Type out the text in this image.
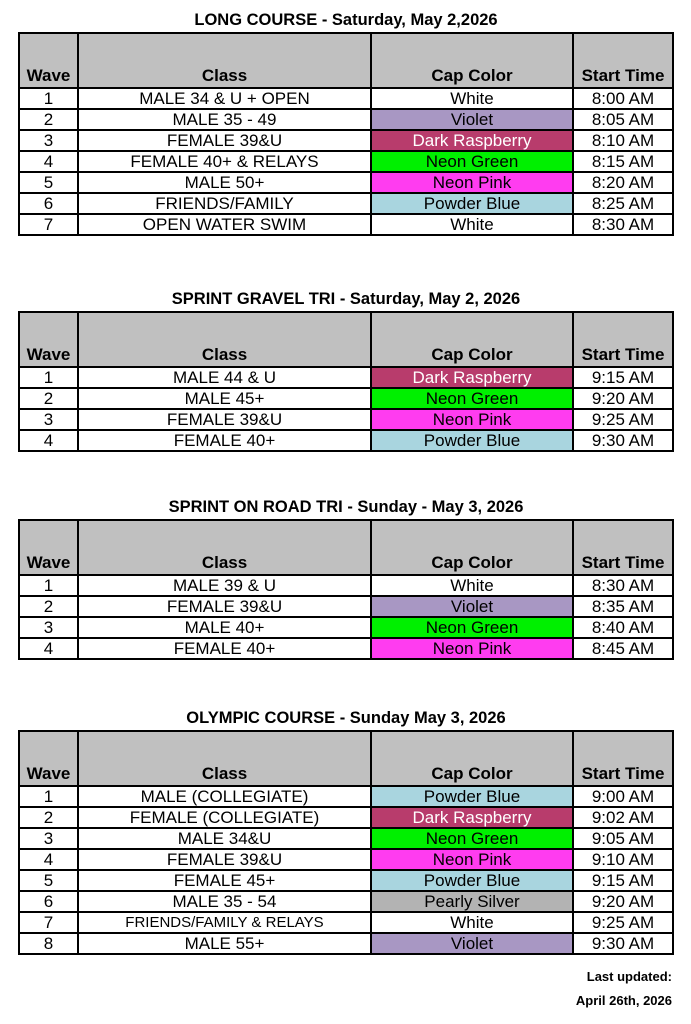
LONG COURSE - Saturday, May 2,2026
Wave	Class	Cap Color	Start Time
1	MALE 34 & U + OPEN	White	8:00 AM
2	MALE 35 - 49	Violet	8:05 AM
3	FEMALE 39&U	Dark Raspberry	8:10 AM
4	FEMALE 40+ & RELAYS	Neon Green	8:15 AM
5	MALE 50+	Neon Pink	8:20 AM
6	FRIENDS/FAMILY	Powder Blue	8:25 AM
7	OPEN WATER SWIM	White	8:30 AM
SPRINT GRAVEL TRI - Saturday, May 2, 2026
Wave	Class	Cap Color	Start Time
1	MALE 44 & U	Dark Raspberry	9:15 AM
2	MALE 45+	Neon Green	9:20 AM
3	FEMALE 39&U	Neon Pink	9:25 AM
4	FEMALE 40+	Powder Blue	9:30 AM
SPRINT ON ROAD TRI - Sunday - May 3, 2026
Wave	Class	Cap Color	Start Time
1	MALE 39 & U	White	8:30 AM
2	FEMALE 39&U	Violet	8:35 AM
3	MALE 40+	Neon Green	8:40 AM
4	FEMALE 40+	Neon Pink	8:45 AM
OLYMPIC COURSE - Sunday May 3, 2026
Wave	Class	Cap Color	Start Time
1	MALE (COLLEGIATE)	Powder Blue	9:00 AM
2	FEMALE (COLLEGIATE)	Dark Raspberry	9:02 AM
3	MALE 34&U	Neon Green	9:05 AM
4	FEMALE 39&U	Neon Pink	9:10 AM
5	FEMALE 45+	Powder Blue	9:15 AM
6	MALE 35 - 54	Pearly Silver	9:20 AM
7	FRIENDS/FAMILY & RELAYS	White	9:25 AM
8	MALE 55+	Violet	9:30 AM
Last updated:
April 26th, 2026
